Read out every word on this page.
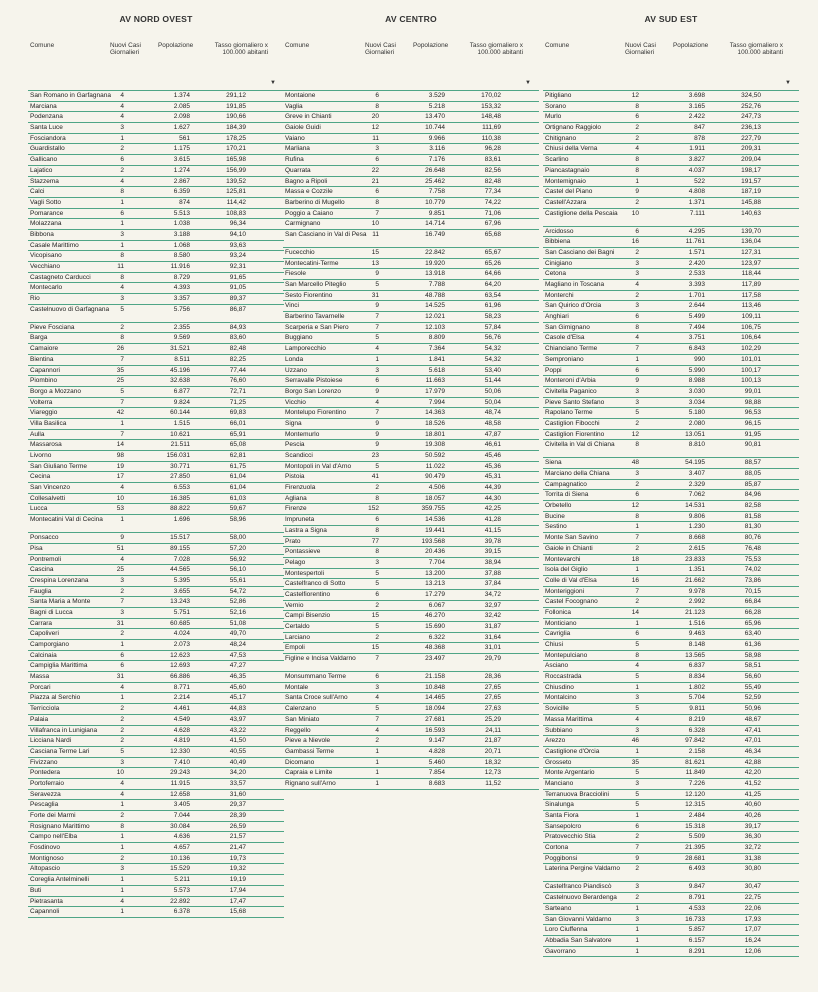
AV NORD OVEST
Comune	Nuovi Casi Giornalieri
Popolazione	Tasso giornaliero x 100.000 abitanti
▼
San Romano in Garfagnana	4	1.374	291,12
Marciana	4	2.085	191,85
Podenzana	4	2.098	190,66
Santa Luce	3	1.627	184,39
Fosciandora	1	561	178,25
Guardistallo	2	1.175	170,21
Gallicano	6	3.615	165,98
Lajatico	2	1.274	156,99
Stazzema	4	2.867	139,52
Calci	8	6.359	125,81
Vagli Sotto	1	874	114,42
Pomarance	6	5.513	108,83
Molazzana	1	1.038	96,34
Bibbona	3	3.188	94,10
Casale Marittimo	1	1.068	93,63
Vicopisano	8	8.580	93,24
Vecchiano	11	11.916	92,31
Castagneto Carducci	8	8.729	91,65
Montecarlo	4	4.393	91,05
Rio	3	3.357	89,37
Castelnuovo di Garfagnana	5	5.756	86,87
Pieve Fosciana	2	2.355	84,93
Barga	8	9.569	83,60
Camaiore	26	31.521	82,48
Bientina	7	8.511	82,25
Capannori	35	45.196	77,44
Piombino	25	32.638	76,60
Borgo a Mozzano	5	6.877	72,71
Volterra	7	9.824	71,25
Viareggio	42	60.144	69,83
Villa Basilica	1	1.515	66,01
Aulla	7	10.621	65,91
Massarosa	14	21.511	65,08
Livorno	98	156.031	62,81
San Giuliano Terme	19	30.771	61,75
Cecina	17	27.850	61,04
San Vincenzo	4	6.553	61,04
Collesalvetti	10	16.385	61,03
Lucca	53	88.822	59,67
Montecatini Val di Cecina	1	1.696	58,96
Ponsacco	9	15.517	58,00
Pisa	51	89.155	57,20
Pontremoli	4	7.028	56,92
Cascina	25	44.565	56,10
Crespina Lorenzana	3	5.395	55,61
Fauglia	2	3.655	54,72
Santa Maria a Monte	7	13.243	52,86
Bagni di Lucca	3	5.751	52,16
Carrara	31	60.685	51,08
Capoliveri	2	4.024	49,70
Camporgiano	1	2.073	48,24
Calcinaia	6	12.623	47,53
Campiglia Marittima	6	12.693	47,27
Massa	31	66.886	46,35
Porcari	4	8.771	45,60
Piazza al Serchio	1	2.214	45,17
Terricciola	2	4.461	44,83
Palaia	2	4.549	43,97
Villafranca in Lunigiana	2	4.628	43,22
Licciana Nardi	2	4.819	41,50
Casciana Terme Lari	5	12.330	40,55
Fivizzano	3	7.410	40,49
Pontedera	10	29.243	34,20
Portoferraio	4	11.915	33,57
Seravezza	4	12.658	31,60
Pescaglia	1	3.405	29,37
Forte dei Marmi	2	7.044	28,39
Rosignano Marittimo	8	30.084	26,59
Campo nell'Elba	1	4.636	21,57
Fosdinovo	1	4.657	21,47
Montignoso	2	10.136	19,73
Altopascio	3	15.529	19,32
Coreglia Antelminelli	1	5.211	19,19
Buti	1	5.573	17,94
Pietrasanta	4	22.892	17,47
Capannoli	1	6.378	15,68
AV CENTRO
Comune	Nuovi Casi Giornalieri
Popolazione	Tasso giornaliero x 100.000 abitanti
▼
Montaione	6	3.529	170,02
Vaglia	8	5.218	153,32
Greve in Chianti	20	13.470	148,48
Gaiole Guidi	12	10.744	111,69
Vaiano	11	9.966	110,38
Marliana	3	3.116	96,28
Rufina	6	7.176	83,61
Quarrata	22	26.648	82,56
Bagno a Ripoli	21	25.462	82,48
Massa e Cozzile	6	7.758	77,34
Barberino di Mugello	8	10.779	74,22
Poggio a Caiano	7	9.851	71,06
Carmignano	10	14.714	67,96
San Casciano in Val di Pesa 11	16.749	65,68
Fucecchio	15	22.842	65,67
Montecatini-Terme	13	19.920	65,26
Fiesole	9	13.918	64,66
San Marcello Piteglio	5	7.788	64,20
Sesto Fiorentino	31	48.788	63,54
Vinci	9	14.525	61,96
Barberino Tavarnelle	7	12.021	58,23
Scarperia e San Piero	7	12.103	57,84
Buggiano	5	8.809	56,76
Lamporecchio	4	7.364	54,32
Londa	1	1.841	54,32
Uzzano	3	5.618	53,40
Serravalle Pistoiese	6	11.663	51,44
Borgo San Lorenzo	9	17.979	50,06
Vicchio	4	7.994	50,04
Montelupo Fiorentino	7	14.363	48,74
Signa	9	18.526	48,58
Montemurlo	9	18.801	47,87
Pescia	9	19.308	46,61
Scandicci	23	50.592	45,46
Montopoli in Val d'Arno	5	11.022	45,36
Pistoia	41	90.479	45,31
Firenzuola	2	4.506	44,39
Agliana	8	18.057	44,30
Firenze	152	359.755	42,25
Impruneta	6	14.536	41,28
Lastra a Signa	8	19.441	41,15
Prato	77	193.568	39,78
Pontassieve	8	20.436	39,15
Pelago	3	7.704	38,94
Montespertoli	5	13.200	37,88
Castelfranco di Sotto	5	13.213	37,84
Castelfiorentino	6	17.279	34,72
Vernio	2	6.067	32,97
Campi Bisenzio	15	46.270	32,42
Certaldo	5	15.690	31,87
Larciano	2	6.322	31,64
Empoli	15	48.368	31,01
Figline e Incisa Valdarno	7	23.497	29,79
Monsummano Terme	6	21.158	28,36
Montale	3	10.848	27,65
Santa Croce sull'Arno	4	14.465	27,65
Calenzano	5	18.094	27,63
San Miniato	7	27.681	25,29
Reggello	4	16.593	24,11
Pieve a Nievole	2	9.147	21,87
Gambassi Terme	1	4.828	20,71
Dicomano	1	5.460	18,32
Capraia e Limite	1	7.854	12,73
Rignano sull'Arno	1	8.683	11,52
AV SUD EST
Comune	Nuovi Casi Giornalieri
Popolazione	Tasso giornaliero x 100.000 abitanti
▼
Pitigliano	12	3.698	324,50
Sorano	8	3.165	252,76
Murlo	6	2.422	247,73
Ortignano Raggiolo	2	847	236,13
Chitignano	2	878	227,79
Chiusi della Verna	4	1.911	209,31
Scarlino	8	3.827	209,04
Piancastagnaio	8	4.037	198,17
Montemignaio	1	522	191,57
Castel del Piano	9	4.808	187,19
Castell'Azzara	2	1.371	145,88
Castiglione della Pescaia	10	7.111	140,63
Arcidosso	6	4.295	139,70
Bibbiena	16	11.761	136,04
San Casciano dei Bagni	2	1.571	127,31
Cinigiano	3	2.420	123,97
Cetona	3	2.533	118,44
Magliano in Toscana	4	3.393	117,89
Monterchi	2	1.701	117,58
San Quirico d'Orcia	3	2.644	113,46
Anghiari	6	5.499	109,11
San Gimignano	8	7.494	106,75
Casole d'Elsa	4	3.751	106,64
Chianciano Terme	7	6.843	102,29
Semproniano	1	990	101,01
Poppi	6	5.990	100,17
Monteroni d'Arbia	9	8.988	100,13
Civitella Paganico	3	3.030	99,01
Pieve Santo Stefano	3	3.034	98,88
Rapolano Terme	5	5.180	96,53
Castiglion Fibocchi	2	2.080	96,15
Castiglion Fiorentino	12	13.051	91,95
Civitella in Val di Chiana	8	8.810	90,81
Siena	48	54.195	88,57
Marciano della Chiana	3	3.407	88,05
Campagnatico	2	2.329	85,87
Torrita di Siena	6	7.062	84,96
Orbetello	12	14.531	82,58
Bucine	8	9.806	81,58
Sestino	1	1.230	81,30
Monte San Savino	7	8.668	80,76
Gaiole in Chianti	2	2.615	76,48
Montevarchi	18	23.833	75,53
Isola del Giglio	1	1.351	74,02
Colle di Val d'Elsa	16	21.662	73,86
Monteriggioni	7	9.978	70,15
Castel Focognano	2	2.992	66,84
Follonica	14	21.123	66,28
Monticiano	1	1.516	65,96
Cavriglia	6	9.463	63,40
Chiusi	5	8.148	61,36
Montepulciano	8	13.565	58,98
Asciano	4	6.837	58,51
Roccastrada	5	8.834	56,60
Chiusdino	1	1.802	55,49
Montalcino	3	5.704	52,59
Sovicille	5	9.811	50,96
Massa Marittima	4	8.219	48,67
Subbiano	3	6.328	47,41
Arezzo	46	97.842	47,01
Castiglione d'Orcia	1	2.158	46,34
Grosseto	35	81.621	42,88
Monte Argentario	5	11.849	42,20
Manciano	3	7.226	41,52
Terranuova Bracciolini	5	12.120	41,25
Sinalunga	5	12.315	40,60
Santa Fiora	1	2.484	40,26
Sansepolcro	6	15.318	39,17
Pratovecchio Stia	2	5.509	36,30
Cortona	7	21.395	32,72
Poggibonsi	9	28.681	31,38
Laterina Pergine Valdarno	2	6.493	30,80
Castelfranco Piandiscò	3	9.847	30,47
Castelnuovo Berardenga	2	8.791	22,75
Sarteano	1	4.533	22,06
San Giovanni Valdarno	3	16.733	17,93
Loro Ciuffenna	1	5.857	17,07
Abbadia San Salvatore	1	6.157	16,24
Gavorrano	1	8.291	12,06
